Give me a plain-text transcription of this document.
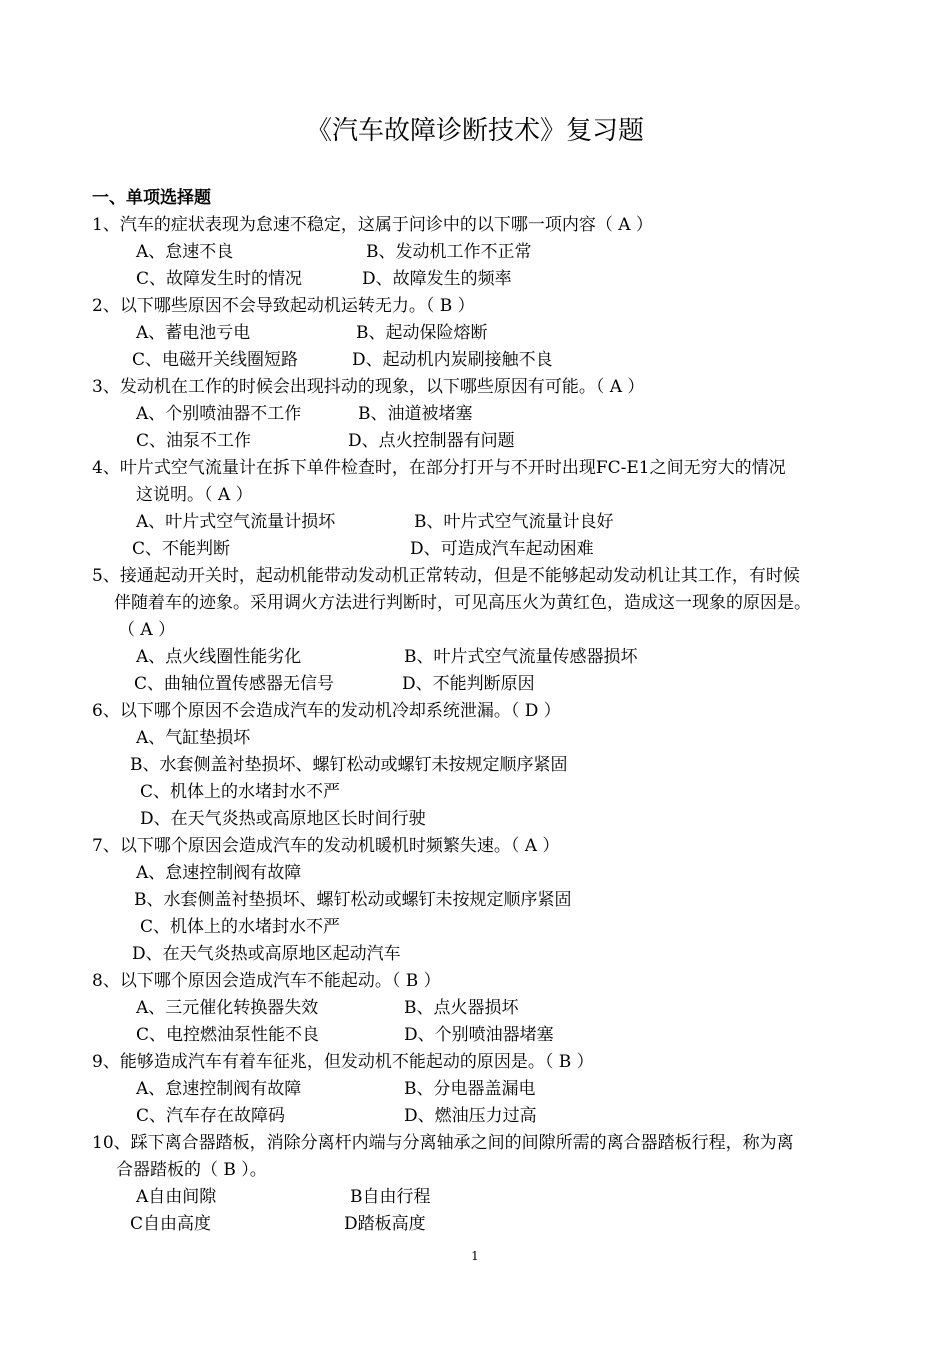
《汽车故障诊断技术》复习题
一、单项选择题
1、汽车的症状表现为怠速不稳定，这属于问诊中的以下哪一项内容（ A ）
A、怠速不良	B、发动机工作不正常
C、故障发生时的情况	D、故障发生的频率
2、以下哪些原因不会导致起动机运转无力。（ B ）
A、蓄电池亏电	B、起动保险熔断
C、电磁开关线圈短路	D、起动机内炭刷接触不良
3、发动机在工作的时候会出现抖动的现象，以下哪些原因有可能。（ A ）
A、个别喷油器不工作	B、油道被堵塞
C、油泵不工作	D、点火控制器有问题
4、叶片式空气流量计在拆下单件检查时，在部分打开与不开时出现FC-E1之间无穷大的情况
这说明。（ A ）
A、叶片式空气流量计损坏	B、叶片式空气流量计良好
C、不能判断	D、可造成汽车起动困难
5、接通起动开关时，起动机能带动发动机正常转动，但是不能够起动发动机让其工作，有时候
伴随着车的迹象。采用调火方法进行判断时，可见高压火为黄红色，造成这一现象的原因是。
（ A ）
A、点火线圈性能劣化	B、叶片式空气流量传感器损坏
C、曲轴位置传感器无信号	D、不能判断原因
6、以下哪个原因不会造成汽车的发动机冷却系统泄漏。（ D ）
A、气缸垫损坏
B、水套侧盖衬垫损坏、螺钉松动或螺钉未按规定顺序紧固
C、机体上的水堵封水不严
D、在天气炎热或高原地区长时间行驶
7、以下哪个原因会造成汽车的发动机暖机时频繁失速。（ A ）
A、怠速控制阀有故障
B、水套侧盖衬垫损坏、螺钉松动或螺钉未按规定顺序紧固
C、机体上的水堵封水不严
D、在天气炎热或高原地区起动汽车
8、以下哪个原因会造成汽车不能起动。（ B ）
A、三元催化转换器失效	B、点火器损坏
C、电控燃油泵性能不良	D、个别喷油器堵塞
9、能够造成汽车有着车征兆，但发动机不能起动的原因是。（ B ）
A、怠速控制阀有故障	B、分电器盖漏电
C、汽车存在故障码	D、燃油压力过高
10、踩下离合器踏板，消除分离杆内端与分离轴承之间的间隙所需的离合器踏板行程，称为离
合器踏板的（ B ）。
A自由间隙	B自由行程
C自由高度	D踏板高度
1
